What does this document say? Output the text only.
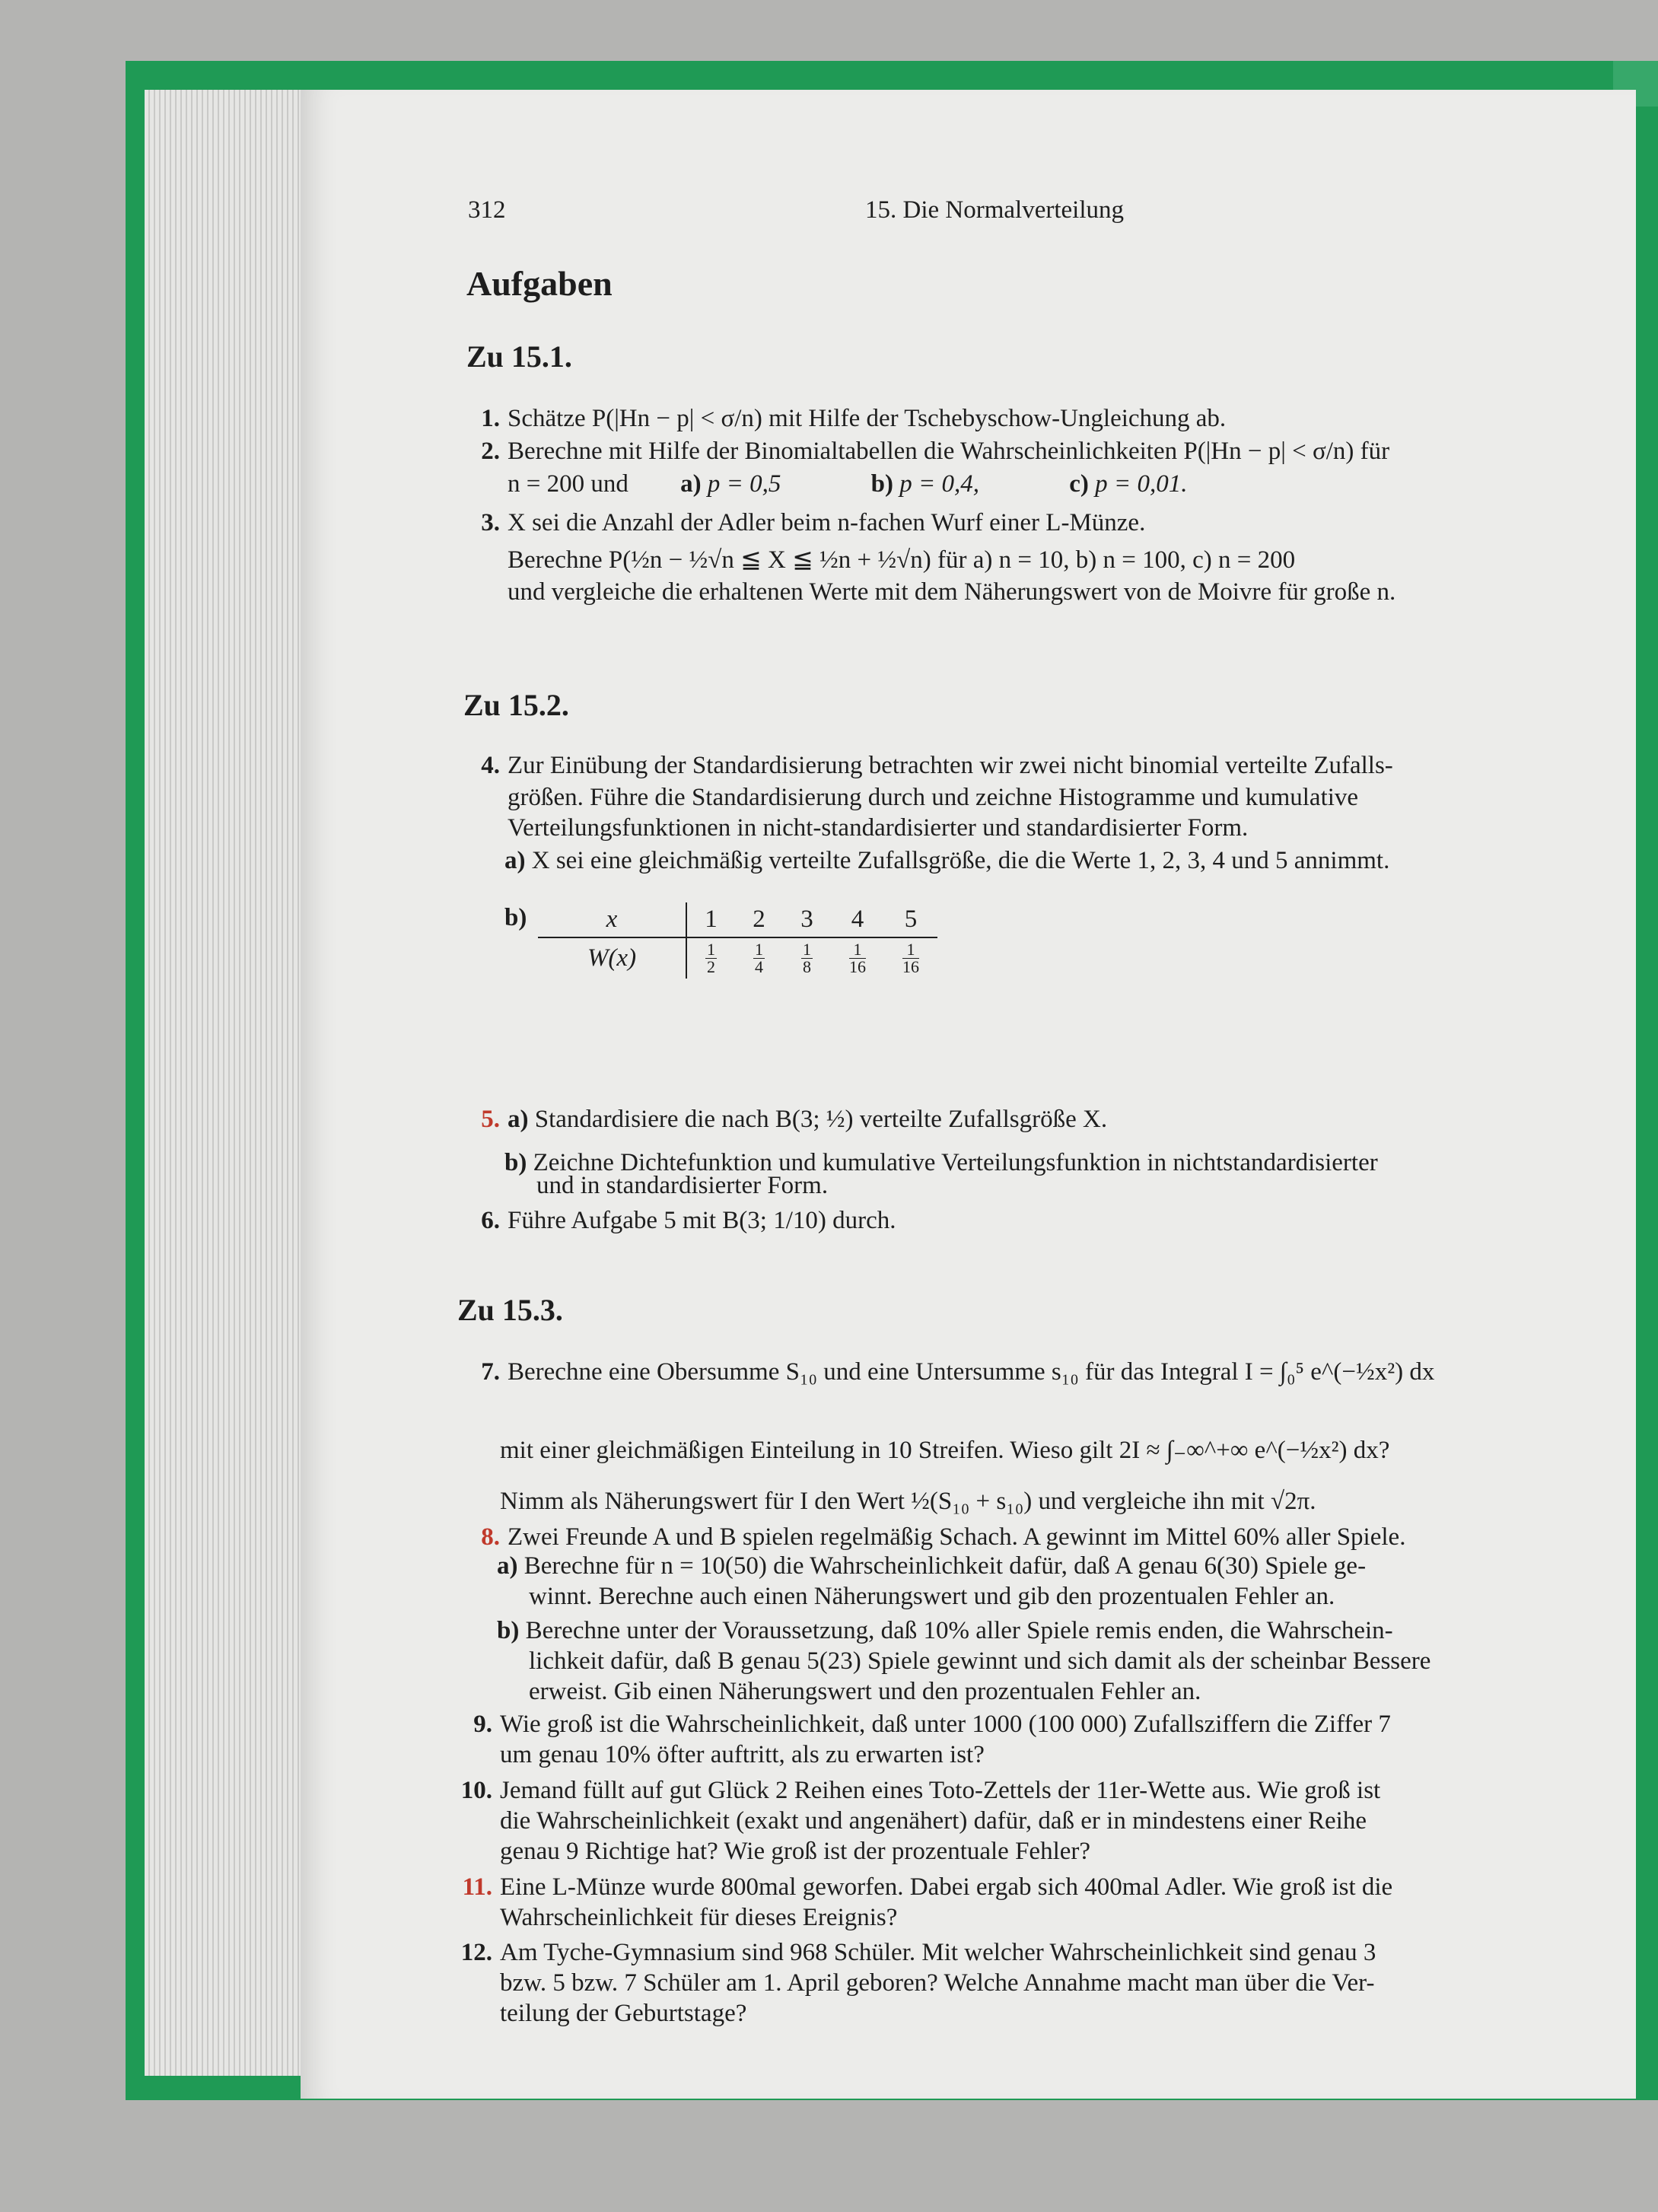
312	15. Die Normalverteilung
Aufgaben
Zu 15.1.
1. Schätze P(|Hn − p| < σ/n) mit Hilfe der Tschebyschow-Ungleichung ab.
2. Berechne mit Hilfe der Binomialtabellen die Wahrscheinlichkeiten P(|Hn − p| < σ/n) für
n = 200 und a) p = 0,5	b) p = 0,4,	c) p = 0,01.
3. X sei die Anzahl der Adler beim n-fachen Wurf einer L-Münze.
Berechne P(½n − ½√n ≦ X ≦ ½n + ½√n) für a) n = 10, b) n = 100, c) n = 200
und vergleiche die erhaltenen Werte mit dem Näherungswert von de Moivre für große n.
Zu 15.2.
4. Zur Einübung der Standardisierung betrachten wir zwei nicht binomial verteilte Zufalls-
größen. Führe die Standardisierung durch und zeichne Histogramme und kumulative
Verteilungsfunktionen in nicht-standardisierter und standardisierter Form.
a) X sei eine gleichmäßig verteilte Zufallsgröße, die die Werte 1, 2, 3, 4 und 5 annimmt.
b)	x	1	2	3	4	5
W(x)	$\frac{1}{2}$	$\frac{1}{4}$	$\frac{1}{8}$	$\frac{1}{16}$	$\frac{1}{16}$
5. a) Standardisiere die nach B(3; ½) verteilte Zufallsgröße X.
b) Zeichne Dichtefunktion und kumulative Verteilungsfunktion in nichtstandardisierter
und in standardisierter Form.
6. Führe Aufgabe 5 mit B(3; 1/10) durch.
Zu 15.3.
7. Berechne eine Obersumme S₁₀ und eine Untersumme s₁₀ für das Integral I = ∫₀⁵ e^(−½x²) dx
mit einer gleichmäßigen Einteilung in 10 Streifen. Wieso gilt 2I ≈ ∫₋∞^+∞ e^(−½x²) dx?
Nimm als Näherungswert für I den Wert ½(S₁₀ + s₁₀) und vergleiche ihn mit √2π.
8. Zwei Freunde A und B spielen regelmäßig Schach. A gewinnt im Mittel 60% aller Spiele.
a) Berechne für n = 10(50) die Wahrscheinlichkeit dafür, daß A genau 6(30) Spiele ge-
winnt. Berechne auch einen Näherungswert und gib den prozentualen Fehler an.
b) Berechne unter der Voraussetzung, daß 10% aller Spiele remis enden, die Wahrschein-
lichkeit dafür, daß B genau 5(23) Spiele gewinnt und sich damit als der scheinbar Bessere
erweist. Gib einen Näherungswert und den prozentualen Fehler an.
9. Wie groß ist die Wahrscheinlichkeit, daß unter 1000 (100 000) Zufallsziffern die Ziffer 7
um genau 10% öfter auftritt, als zu erwarten ist?
10. Jemand füllt auf gut Glück 2 Reihen eines Toto-Zettels der 11er-Wette aus. Wie groß ist
die Wahrscheinlichkeit (exakt und angenähert) dafür, daß er in mindestens einer Reihe
genau 9 Richtige hat? Wie groß ist der prozentuale Fehler?
11. Eine L-Münze wurde 800mal geworfen. Dabei ergab sich 400mal Adler. Wie groß ist die
Wahrscheinlichkeit für dieses Ereignis?
12. Am Tyche-Gymnasium sind 968 Schüler. Mit welcher Wahrscheinlichkeit sind genau 3
bzw. 5 bzw. 7 Schüler am 1. April geboren? Welche Annahme macht man über die Ver-
teilung der Geburtstage?
